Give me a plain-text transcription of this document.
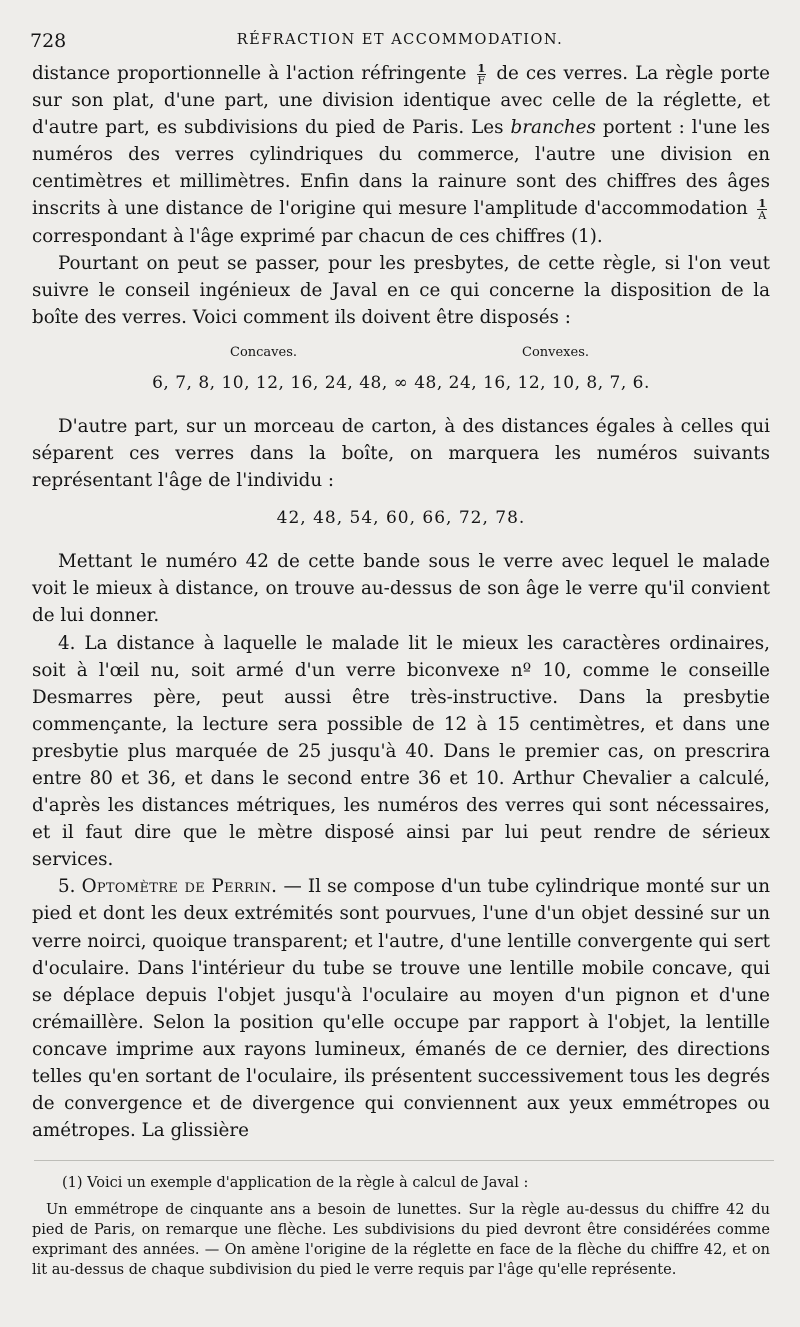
728	RÉFRACTION ET ACCOMMODATION.

distance proportionnelle à l'action réfringente $\frac{1}{F}$ de ces verres. La règle porte sur son plat, d'une part, une division identique avec celle de la réglette, et d'autre part, es subdivisions du pied de Paris. Les branches portent : l'une les numéros des verres cylindriques du commerce, l'autre une division en centimètres et millimètres. Enfin dans la rainure sont des chiffres des âges inscrits à une distance de l'origine qui mesure l'amplitude d'accommodation $\frac{1}{A}$
correspondant à l'âge exprimé par chacun de ces chiffres (1).

Pourtant on peut se passer, pour les presbytes, de cette règle, si l'on veut suivre le conseil ingénieux de Javal en ce qui concerne la disposition de la boîte des verres. Voici comment ils doivent être disposés :

Concaves.	Convexes.
6, 7, 8, 10, 12, 16, 24, 48, ∞ 48, 24, 16, 12, 10, 8, 7, 6.

D'autre part, sur un morceau de carton, à des distances égales à celles qui séparent ces verres dans la boîte, on marquera les numéros suivants représentant l'âge de l'individu :

42, 48, 54, 60, 66, 72, 78.

Mettant le numéro 42 de cette bande sous le verre avec lequel le malade voit le mieux à distance, on trouve au-dessus de son âge le verre qu'il convient de lui donner.

4. La distance à laquelle le malade lit le mieux les caractères ordinaires, soit à l'œil nu, soit armé d'un verre biconvexe nº 10, comme le conseille Desmarres père, peut aussi être très-instructive. Dans la presbytie commençante, la lecture sera possible de 12 à 15 centimètres, et dans une presbytie plus marquée de 25 jusqu'à 40. Dans le premier cas, on prescrira entre 80 et 36, et dans le second entre 36 et 10. Arthur Chevalier a calculé, d'après les distances métriques, les numéros des verres qui sont nécessaires, et il faut dire que le mètre disposé ainsi par lui peut rendre de sérieux services.

5. Optomètre de Perrin. — Il se compose d'un tube cylindrique monté sur un pied et dont les deux extrémités sont pourvues, l'une d'un objet dessiné sur un verre noirci, quoique transparent; et l'autre, d'une lentille convergente qui sert d'oculaire. Dans l'intérieur du tube se trouve une lentille mobile concave, qui se déplace depuis l'objet jusqu'à l'oculaire au moyen d'un pignon et d'une crémaillère. Selon la position qu'elle occupe par rapport à l'objet, la lentille concave imprime aux rayons lumineux, émanés de ce dernier, des directions telles qu'en sortant de l'oculaire, ils présentent successivement tous les degrés de convergence et de divergence qui conviennent aux yeux emmétropes ou amétropes. La glissière

(1) Voici un exemple d'application de la règle à calcul de Javal :

Un emmétrope de cinquante ans a besoin de lunettes. Sur la règle au-dessus du chiffre 42 du pied de Paris, on remarque une flèche. Les subdivisions du pied devront être considérées comme exprimant des années. — On amène l'origine de la réglette en face de la flèche du chiffre 42, et on lit au-dessus de chaque subdivision du pied le verre requis par l'âge qu'elle représente.
